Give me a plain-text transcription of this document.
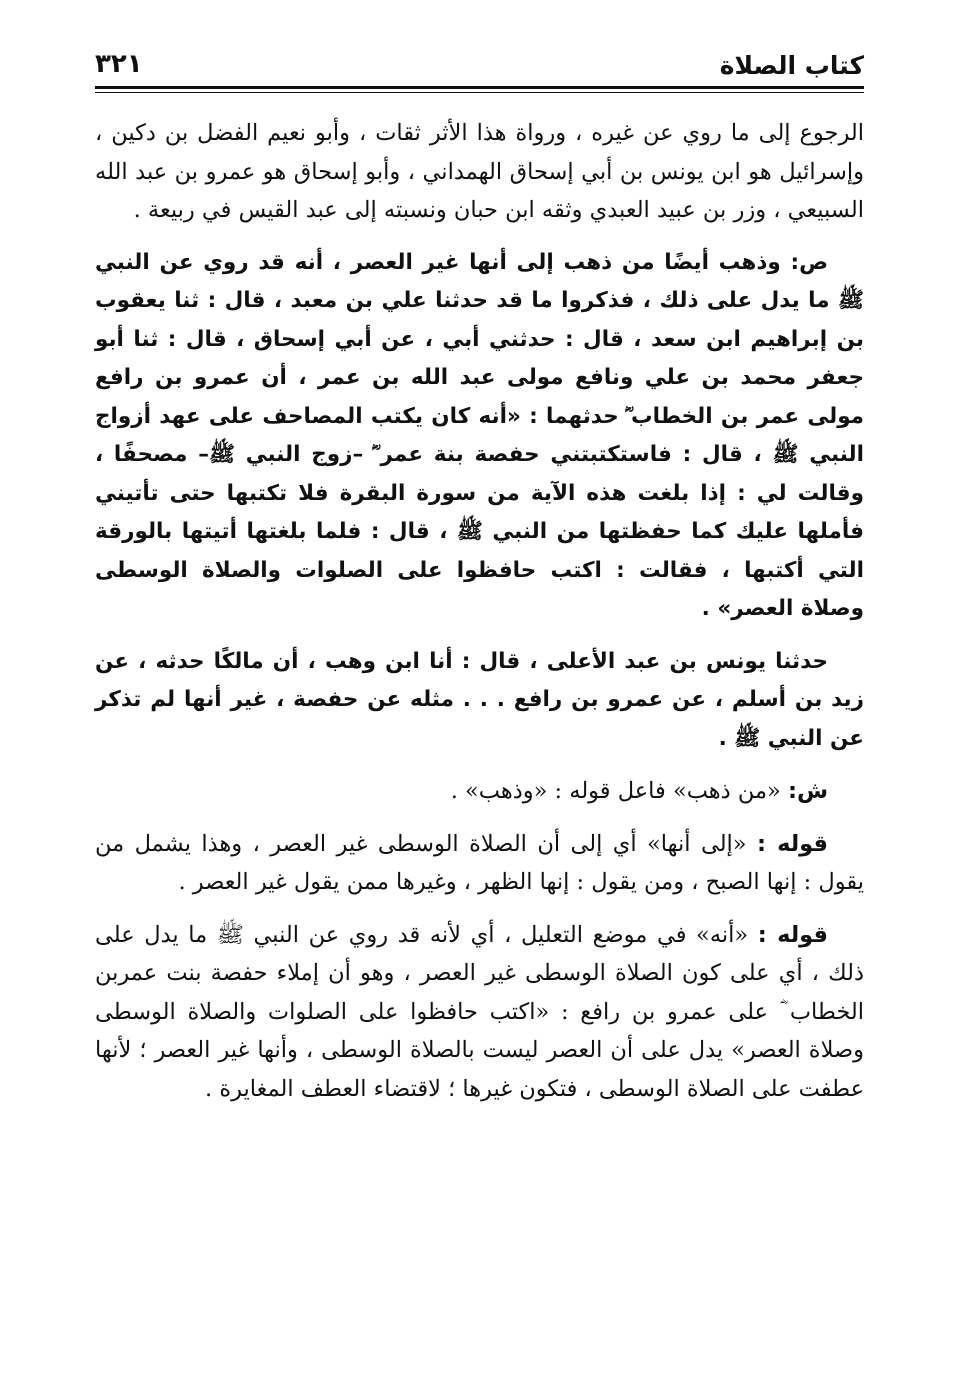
كتاب الصلاة
٣٢١

الرجوع إلى ما روي عن غيره ، ورواة هذا الأثر ثقات ، وأبو نعيم الفضل بن دكين ، وإسرائيل هو ابن يونس بن أبي إسحاق الهمداني ، وأبو إسحاق هو عمرو بن عبد الله السبيعي ، وزر بن عبيد العبدي وثقه ابن حبان ونسبته إلى عبد القيس في ربيعة .

ص: وذهب أيضًا من ذهب إلى أنها غير العصر ، أنه قد روي عن النبي ﷺ ما يدل على ذلك ، فذكروا ما قد حدثنا علي بن معبد ، قال : ثنا يعقوب بن إبراهيم ابن سعد ، قال : حدثني أبي ، عن أبي إسحاق ، قال : ثنا أبو جعفر محمد بن علي ونافع مولى عبد الله بن عمر ، أن عمرو بن رافع مولى عمر بن الخطاب ؓ حدثهما : «أنه كان يكتب المصاحف على عهد أزواج النبي ﷺ ، قال : فاستكتبتني حفصة بنة عمر ؓ –زوج النبي ﷺ– مصحفًا ، وقالت لي : إذا بلغت هذه الآية من سورة البقرة فلا تكتبها حتى تأتيني فأملها عليك كما حفظتها من النبي ﷺ ، قال : فلما بلغتها أتيتها بالورقة التي أكتبها ، فقالت : اكتب حافظوا على الصلوات والصلاة الوسطى وصلاة العصر» .

حدثنا يونس بن عبد الأعلى ، قال : أنا ابن وهب ، أن مالكًا حدثه ، عن زيد بن أسلم ، عن عمرو بن رافع . . . مثله عن حفصة ، غير أنها لم تذكر عن النبي ﷺ .

ش: «من ذهب» فاعل قوله : «وذهب» .

قوله : «إلى أنها» أي إلى أن الصلاة الوسطى غير العصر ، وهذا يشمل من يقول : إنها الصبح ، ومن يقول : إنها الظهر ، وغيرها ممن يقول غير العصر .

قوله : «أنه» في موضع التعليل ، أي لأنه قد روي عن النبي ﷺ ما يدل على ذلك ، أي على كون الصلاة الوسطى غير العصر ، وهو أن إملاء حفصة بنت عمربن الخطاب ؓ على عمرو بن رافع : «اكتب حافظوا على الصلوات والصلاة الوسطى وصلاة العصر» يدل على أن العصر ليست بالصلاة الوسطى ، وأنها غير العصر ؛ لأنها عطفت على الصلاة الوسطى ، فتكون غيرها ؛ لاقتضاء العطف المغايرة .
